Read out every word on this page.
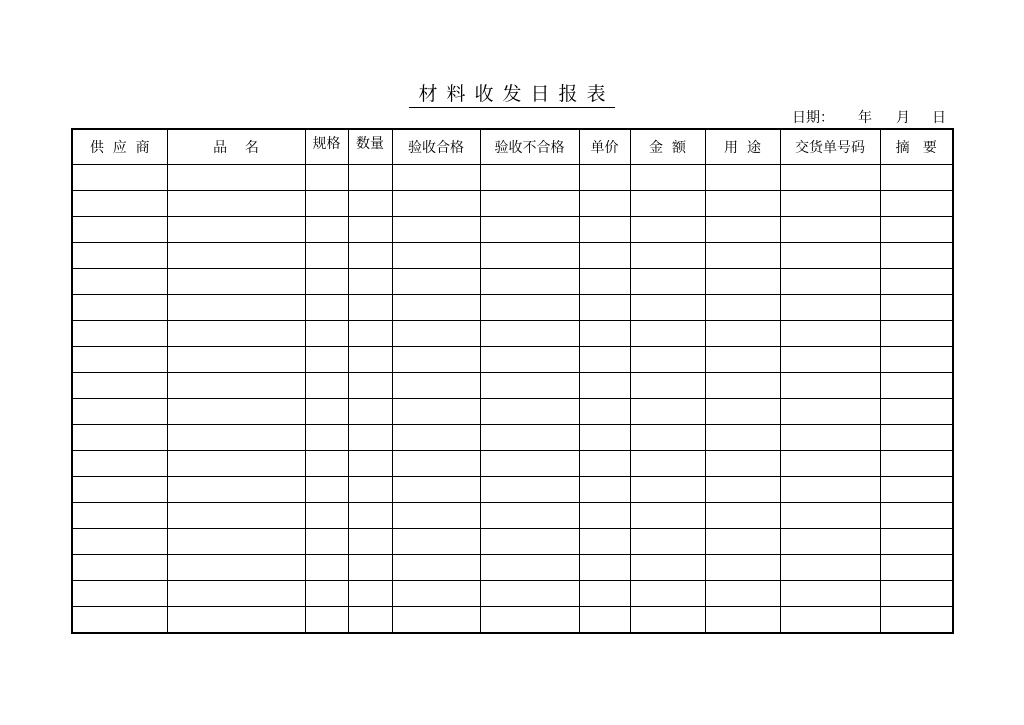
材料收发日报表
日期： 年 月 日
供  应  商	品    名	规格	数量	验收合格	验收不合格	单价	金  额	用  途	交货单号码	摘   要
